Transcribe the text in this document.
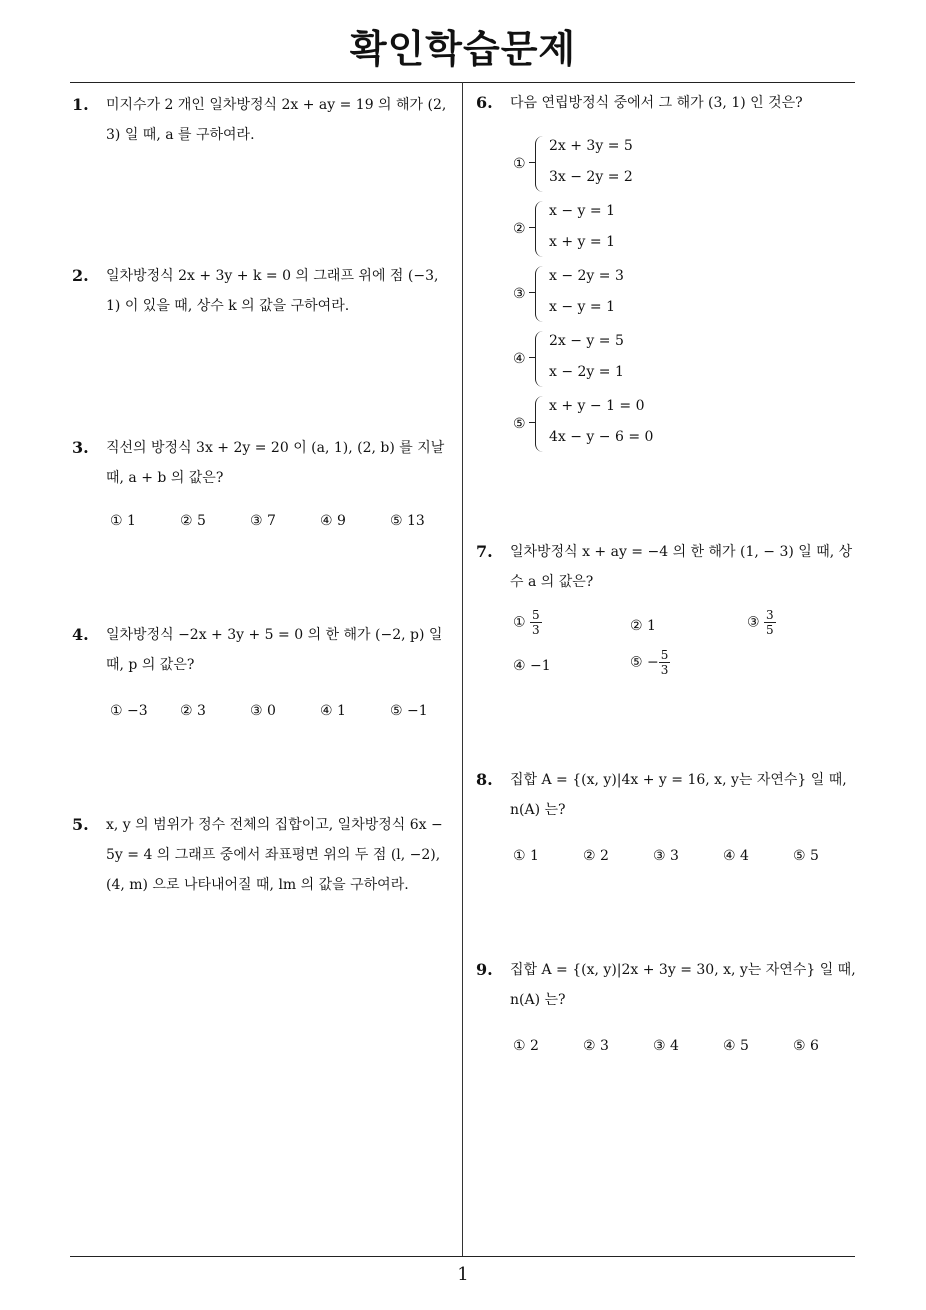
확인학습문제
1. 미지수가 2 개인 일차방정식 2x + ay = 19 의 해가 (2, 3) 일 때, a 를 구하여라.
2. 일차방정식 2x + 3y + k = 0 의 그래프 위에 점 (−3, 1) 이 있을 때, 상수 k 의 값을 구하여라.
3. 직선의 방정식 3x + 2y = 20 이 (a, 1), (2, b) 를 지날 때, a + b 의 값은?
① 1	② 5	③ 7	④ 9	⑤ 13
4. 일차방정식 −2x + 3y + 5 = 0 의 한 해가 (−2, p) 일 때, p 의 값은?
① −3 ② 3	③ 0	④ 1	⑤ −1
5. x, y 의 범위가 정수 전체의 집합이고, 일차방정식 6x − 5y = 4 의 그래프 중에서 좌표평면 위의 두 점 (l, −2), (4, m) 으로 나타내어질 때, lm 의 값을 구하여라.
6. 다음 연립방정식 중에서 그 해가 (3, 1) 인 것은?
①
2x + 3y = 5
3x − 2y = 2
②
x − y = 1
x + y = 1
③
x − 2y = 3
x − y = 1
④
2x − y = 5
x − 2y = 1
⑤
x + y − 1 = 0
4x − y − 6 = 0
7. 일차방정식 x + ay = −4 의 한 해가 (1, − 3) 일 때, 상수 a 의 값은?
① $\frac{5}{3}$	② 1	③ $\frac{3}{5}$
④ −1	⑤ − $\frac{5}{3}$
8. 집합 A = {(x, y)|4x + y = 16, x, y는 자연수} 일 때, n(A) 는?
① 1	② 2	③ 3	④ 4	⑤ 5
9. 집합 A = {(x, y)|2x + 3y = 30, x, y는 자연수} 일 때, n(A) 는?
① 2	② 3	③ 4	④ 5	⑤ 6
1
